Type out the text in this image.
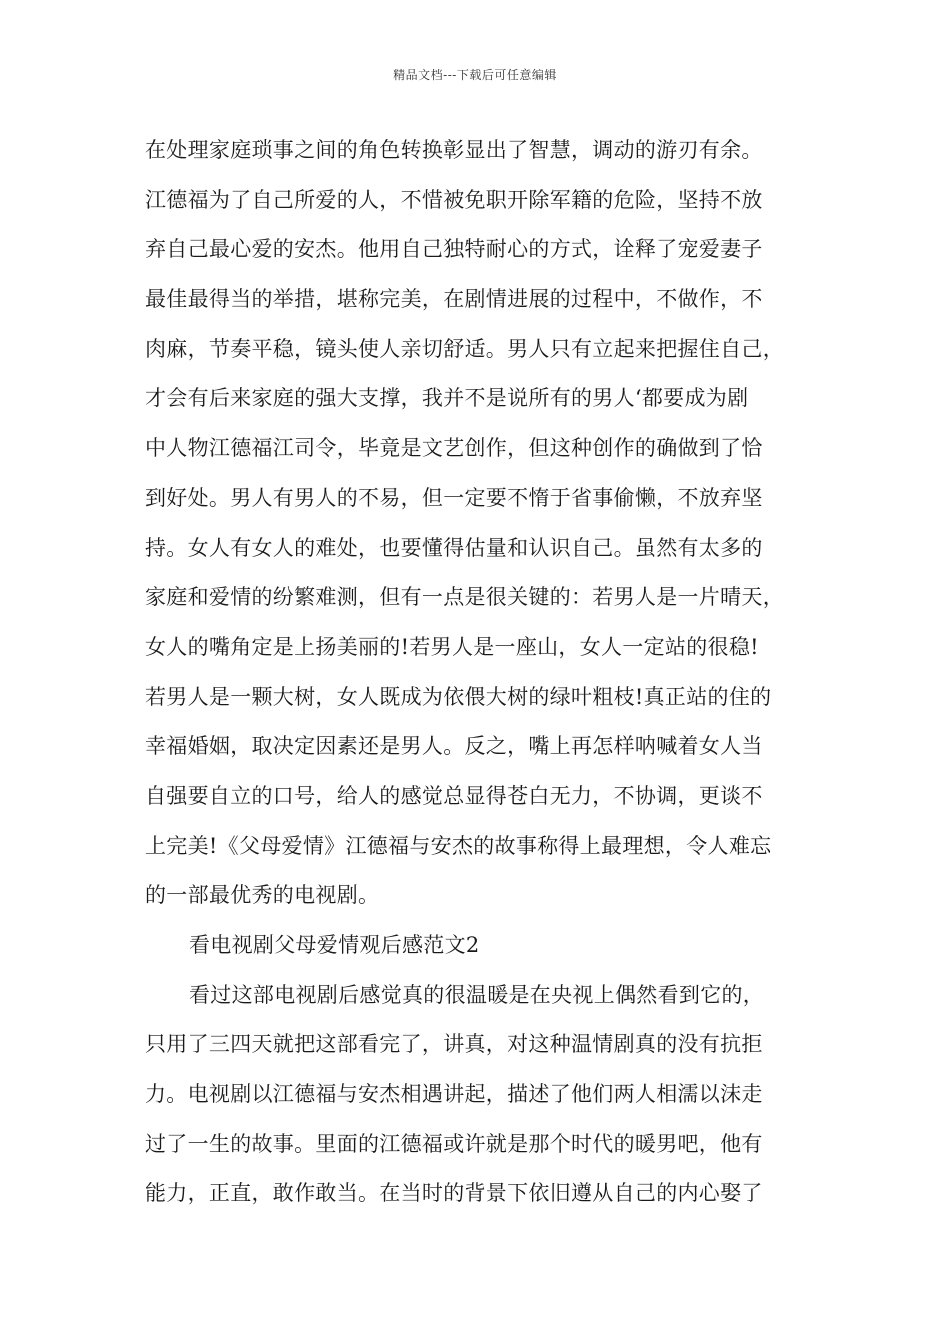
精品文档---下载后可任意编辑
在处理家庭琐事之间的角色转换彰显出了智慧，调动的游刃有余。
江德福为了自己所爱的人，不惜被免职开除军籍的危险，坚持不放
弃自己最心爱的安杰。他用自己独特耐心的方式，诠释了宠爱妻子
最佳最得当的举措，堪称完美，在剧情进展的过程中，不做作，不
肉麻，节奏平稳，镜头使人亲切舒适。男人只有立起来把握住自己，
才会有后来家庭的强大支撑，我并不是说所有的男人‘都要成为剧
中人物江德福江司令，毕竟是文艺创作，但这种创作的确做到了恰
到好处。男人有男人的不易，但一定要不惰于省事偷懒，不放弃坚
持。女人有女人的难处，也要懂得估量和认识自己。虽然有太多的
家庭和爱情的纷繁难测，但有一点是很关键的：若男人是一片晴天，
女人的嘴角定是上扬美丽的!若男人是一座山，女人一定站的很稳!
若男人是一颗大树，女人既成为依偎大树的绿叶粗枝!真正站的住的
幸福婚姻，取决定因素还是男人。反之，嘴上再怎样呐喊着女人当
自强要自立的口号，给人的感觉总显得苍白无力，不协调，更谈不
上完美!《父母爱情》江德福与安杰的故事称得上最理想，令人难忘
的一部最优秀的电视剧。
看电视剧父母爱情观后感范文2
看过这部电视剧后感觉真的很温暖是在央视上偶然看到它的，
只用了三四天就把这部看完了，讲真，对这种温情剧真的没有抗拒
力。电视剧以江德福与安杰相遇讲起，描述了他们两人相濡以沫走
过了一生的故事。里面的江德福或许就是那个时代的暖男吧，他有
能力，正直，敢作敢当。在当时的背景下依旧遵从自己的内心娶了
